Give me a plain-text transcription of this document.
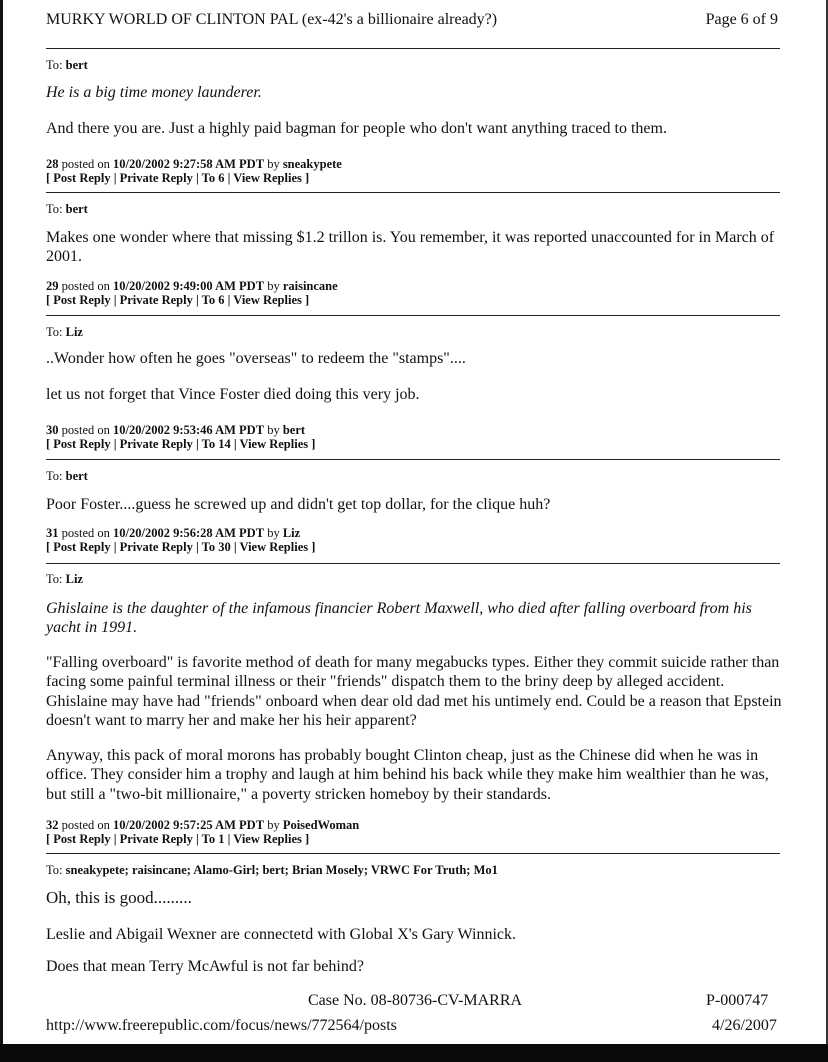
MURKY WORLD OF CLINTON PAL (ex-42's a billionaire already?)	Page 6 of 9
To: bert
He is a big time money launderer.
And there you are. Just a highly paid bagman for people who don't want anything traced to them.
28 posted on 10/20/2002 9:27:58 AM PDT by sneakypete
[ Post Reply | Private Reply | To 6 | View Replies ]
To: bert
Makes one wonder where that missing $1.2 trillon is. You remember, it was reported unaccounted for in March of 2001.
29 posted on 10/20/2002 9:49:00 AM PDT by raisincane
[ Post Reply | Private Reply | To 6 | View Replies ]
To: Liz
..Wonder how often he goes "overseas" to redeem the "stamps"....
let us not forget that Vince Foster died doing this very job.
30 posted on 10/20/2002 9:53:46 AM PDT by bert
[ Post Reply | Private Reply | To 14 | View Replies ]
To: bert
Poor Foster....guess he screwed up and didn't get top dollar, for the clique huh?
31 posted on 10/20/2002 9:56:28 AM PDT by Liz
[ Post Reply | Private Reply | To 30 | View Replies ]
To: Liz
Ghislaine is the daughter of the infamous financier Robert Maxwell, who died after falling overboard from his yacht in 1991.
"Falling overboard" is favorite method of death for many megabucks types. Either they commit suicide rather than facing some painful terminal illness or their "friends" dispatch them to the briny deep by alleged accident. Ghislaine may have had "friends" onboard when dear old dad met his untimely end. Could be a reason that Epstein doesn't want to marry her and make her his heir apparent?
Anyway, this pack of moral morons has probably bought Clinton cheap, just as the Chinese did when he was in office. They consider him a trophy and laugh at him behind his back while they make him wealthier than he was, but still a "two-bit millionaire," a poverty stricken homeboy by their standards.
32 posted on 10/20/2002 9:57:25 AM PDT by PoisedWoman
[ Post Reply | Private Reply | To 1 | View Replies ]
To: sneakypete; raisincane; Alamo-Girl; bert; Brian Mosely; VRWC For Truth; Mo1
Oh, this is good.........
Leslie and Abigail Wexner are connectetd with Global X's Gary Winnick.
Does that mean Terry McAwful is not far behind?
Case No. 08-80736-CV-MARRA	P-000747
http://www.freerepublic.com/focus/news/772564/posts	4/26/2007
